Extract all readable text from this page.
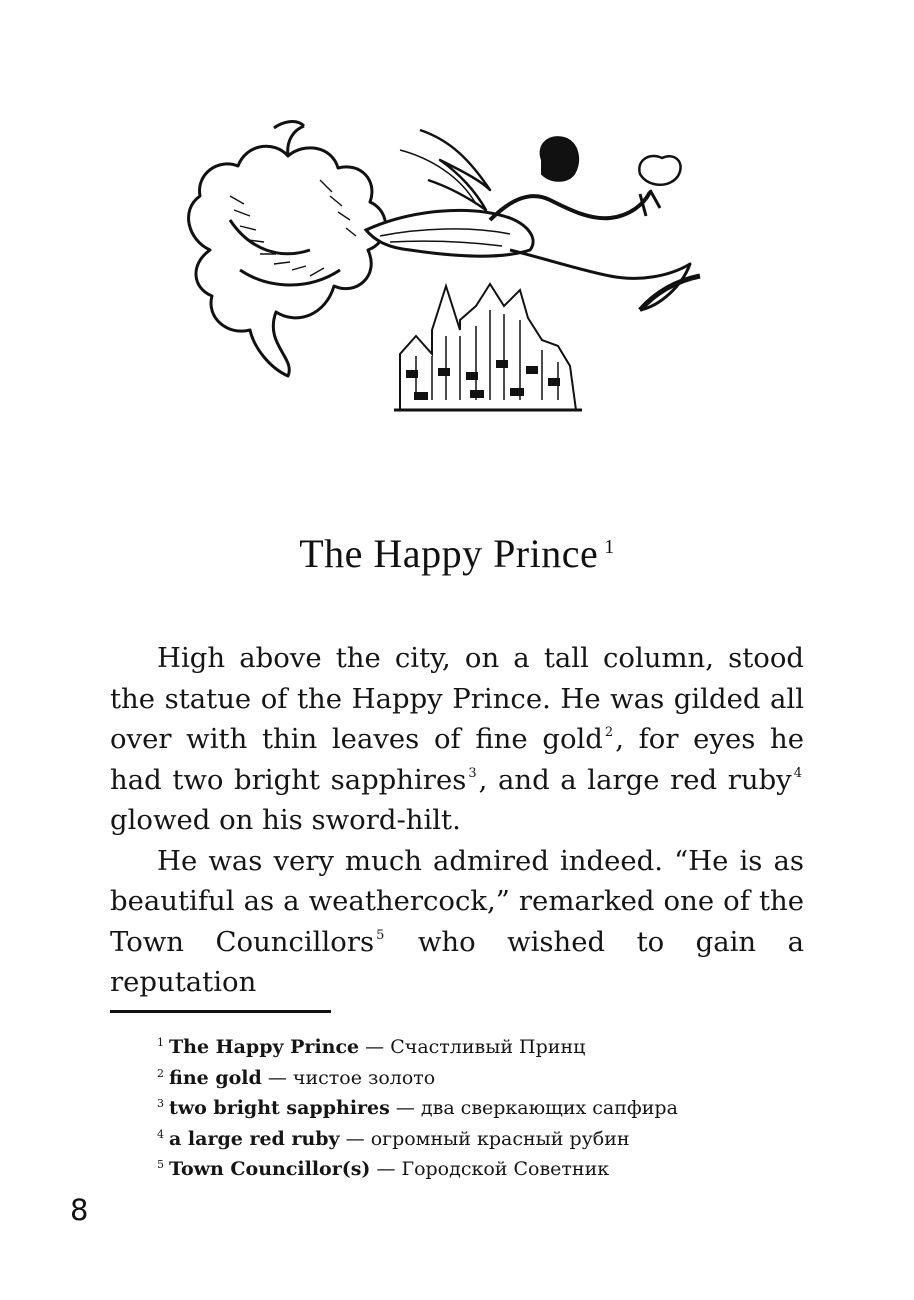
The Happy Prince $^1$

High above the city, on a tall column, stood the statue of the Happy Prince. He was gilded all over with thin leaves of fine gold $^2$, for eyes he had two bright sapphires $^3$, and a large red ruby $^4$ glowed on his sword-hilt.

He was very much admired indeed. “He is as beautiful as a weathercock,” remarked one of the Town Councillors $^5$ who wished to gain a reputation

$^1$ The Happy Prince — Счастливый Принц
$^2$ fine gold — чистое золото
$^3$ two bright sapphires — два сверкающих сапфира
$^4$ a large red ruby — огромный красный рубин
$^5$ Town Councillor(s) — Городской Советник
8
